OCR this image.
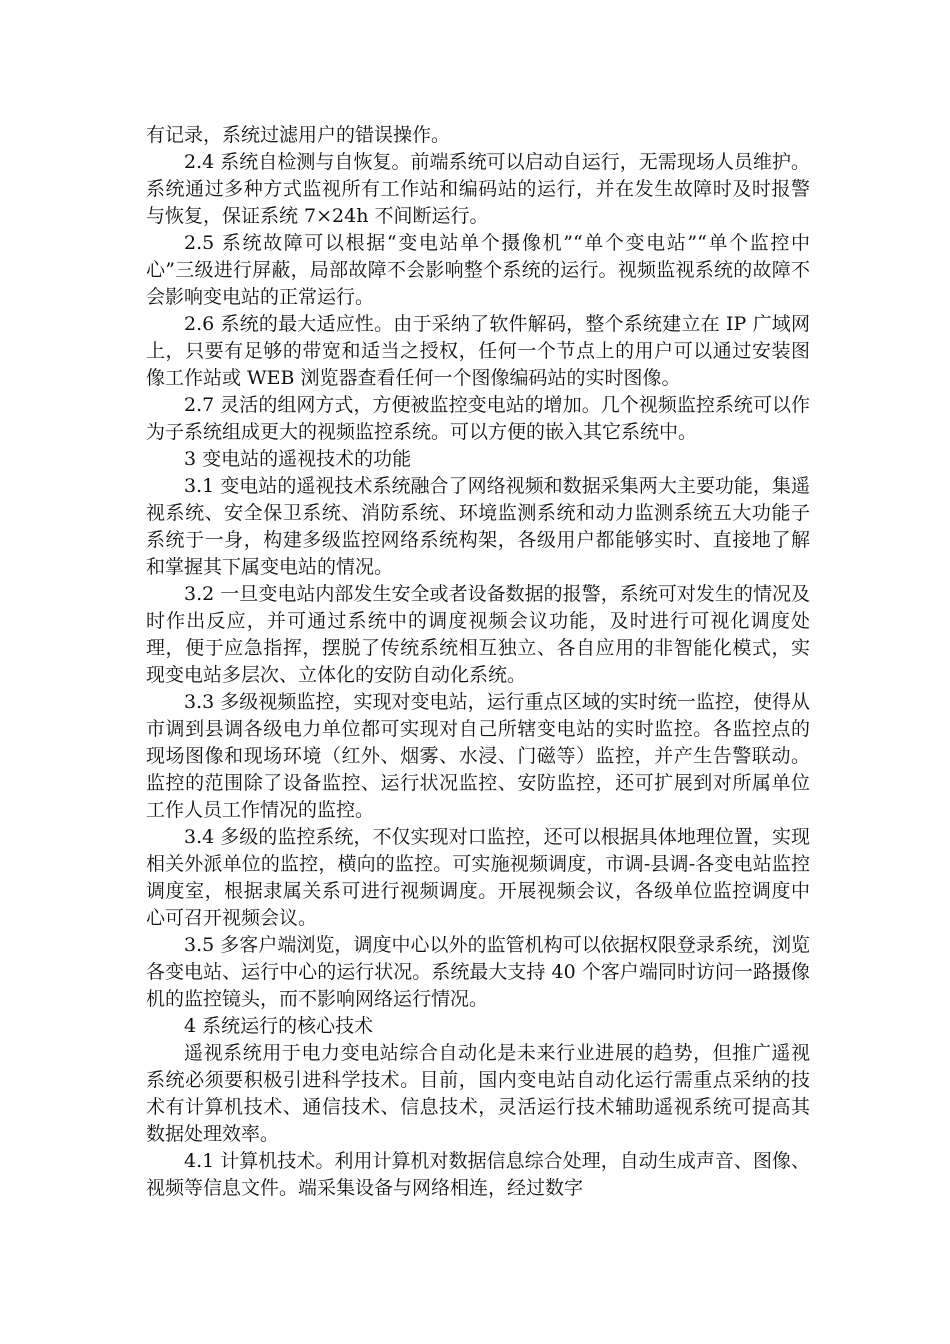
有记录，系统过滤用户的错误操作。

2.4 系统自检测与自恢复。前端系统可以启动自运行，无需现场人员维护。系统通过多种方式监视所有工作站和编码站的运行，并在发生故障时及时报警与恢复，保证系统 7×24h 不间断运行。

2.5 系统故障可以根据“变电站单个摄像机”“单个变电站”“单个监控中心”三级进行屏蔽，局部故障不会影响整个系统的运行。视频监视系统的故障不会影响变电站的正常运行。

2.6 系统的最大适应性。由于采纳了软件解码，整个系统建立在 IP 广域网上，只要有足够的带宽和适当之授权，任何一个节点上的用户可以通过安装图像工作站或 WEB 浏览器查看任何一个图像编码站的实时图像。

2.7 灵活的组网方式，方便被监控变电站的增加。几个视频监控系统可以作为子系统组成更大的视频监控系统。可以方便的嵌入其它系统中。

3 变电站的遥视技术的功能

3.1 变电站的遥视技术系统融合了网络视频和数据采集两大主要功能，集遥视系统、安全保卫系统、消防系统、环境监测系统和动力监测系统五大功能子系统于一身，构建多级监控网络系统构架，各级用户都能够实时、直接地了解和掌握其下属变电站的情况。

3.2 一旦变电站内部发生安全或者设备数据的报警，系统可对发生的情况及时作出反应，并可通过系统中的调度视频会议功能，及时进行可视化调度处理，便于应急指挥，摆脱了传统系统相互独立、各自应用的非智能化模式，实现变电站多层次、立体化的安防自动化系统。

3.3 多级视频监控，实现对变电站，运行重点区域的实时统一监控，使得从市调到县调各级电力单位都可实现对自己所辖变电站的实时监控。各监控点的现场图像和现场环境（红外、烟雾、水浸、门磁等）监控，并产生告警联动。监控的范围除了设备监控、运行状况监控、安防监控，还可扩展到对所属单位工作人员工作情况的监控。

3.4 多级的监控系统，不仅实现对口监控，还可以根据具体地理位置，实现相关外派单位的监控，横向的监控。可实施视频调度，市调-县调-各变电站监控调度室，根据隶属关系可进行视频调度。开展视频会议，各级单位监控调度中心可召开视频会议。

3.5 多客户端浏览，调度中心以外的监管机构可以依据权限登录系统，浏览各变电站、运行中心的运行状况。系统最大支持 40 个客户端同时访问一路摄像机的监控镜头，而不影响网络运行情况。

4 系统运行的核心技术

遥视系统用于电力变电站综合自动化是未来行业进展的趋势，但推广遥视系统必须要积极引进科学技术。目前，国内变电站自动化运行需重点采纳的技术有计算机技术、通信技术、信息技术，灵活运行技术辅助遥视系统可提高其数据处理效率。

4.1 计算机技术。利用计算机对数据信息综合处理，自动生成声音、图像、视频等信息文件。端采集设备与网络相连，经过数字
